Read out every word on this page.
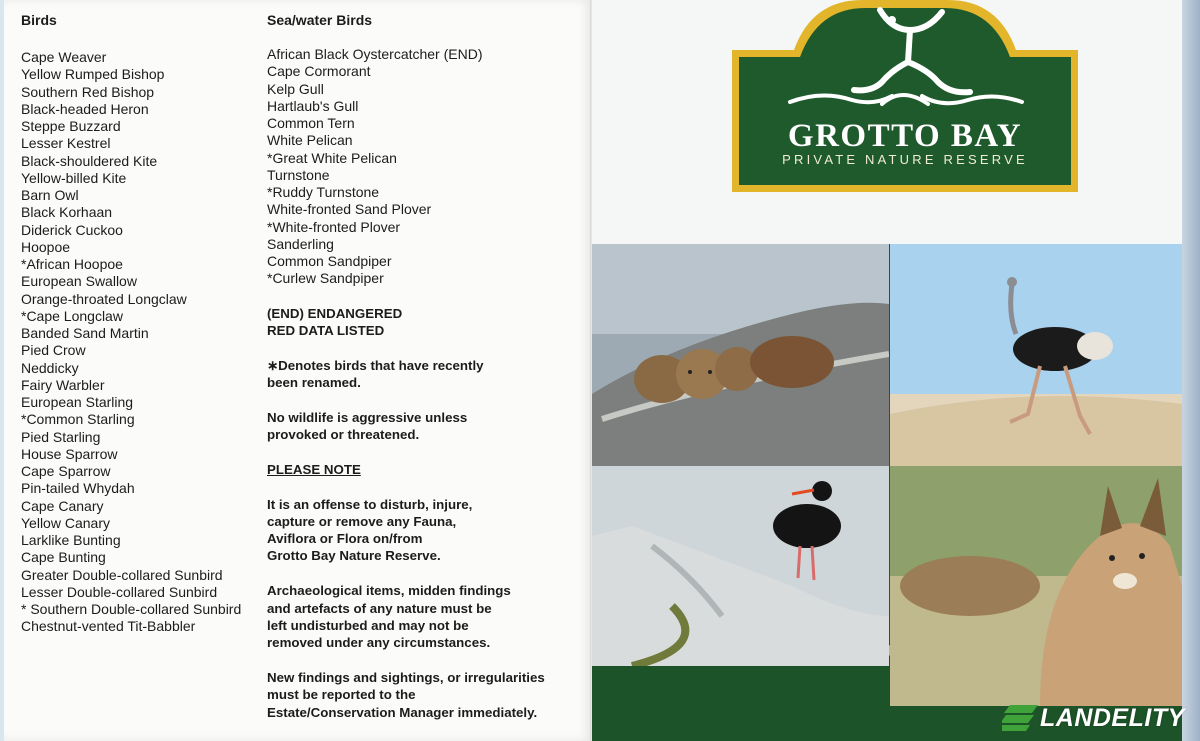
Birds
Cape Weaver
Yellow Rumped Bishop
Southern Red Bishop
Black-headed Heron
Steppe Buzzard
Lesser Kestrel
Black-shouldered Kite
Yellow-billed Kite
Barn Owl
Black Korhaan
Diderick Cuckoo
Hoopoe
*African Hoopoe
European Swallow
Orange-throated Longclaw
*Cape Longclaw
Banded Sand Martin
Pied Crow
Neddicky
Fairy Warbler
European Starling
*Common Starling
Pied Starling
House Sparrow
Cape Sparrow
Pin-tailed Whydah
Cape Canary
Yellow Canary
Larklike Bunting
Cape Bunting
Greater Double-collared Sunbird
Lesser Double-collared Sunbird
* Southern Double-collared Sunbird
Chestnut-vented Tit-Babbler
Sea/water Birds
African Black Oystercatcher (END)
Cape Cormorant
Kelp Gull
Hartlaub's Gull
Common Tern
White Pelican
*Great White Pelican
Turnstone
*Ruddy Turnstone
White-fronted Sand Plover
*White-fronted Plover
Sanderling
Common Sandpiper
*Curlew Sandpiper

(END) ENDANGERED
RED DATA LISTED

∗Denotes birds that have recently
been renamed.

No wildlife is aggressive unless
provoked or threatened.

PLEASE NOTE

It is an offense to disturb, injure,
capture or remove any Fauna,
Aviflora or Flora on/from
Grotto Bay Nature Reserve.

Archaeological items, midden findings
and artefacts of any nature must be
left undisturbed and may not be
removed under any circumstances.

New findings and sightings, or irregularities
must be reported to the
Estate/Conservation Manager immediately.

GROTTO BAY
PRIVATE NATURE RESERVE
LANDELITY
